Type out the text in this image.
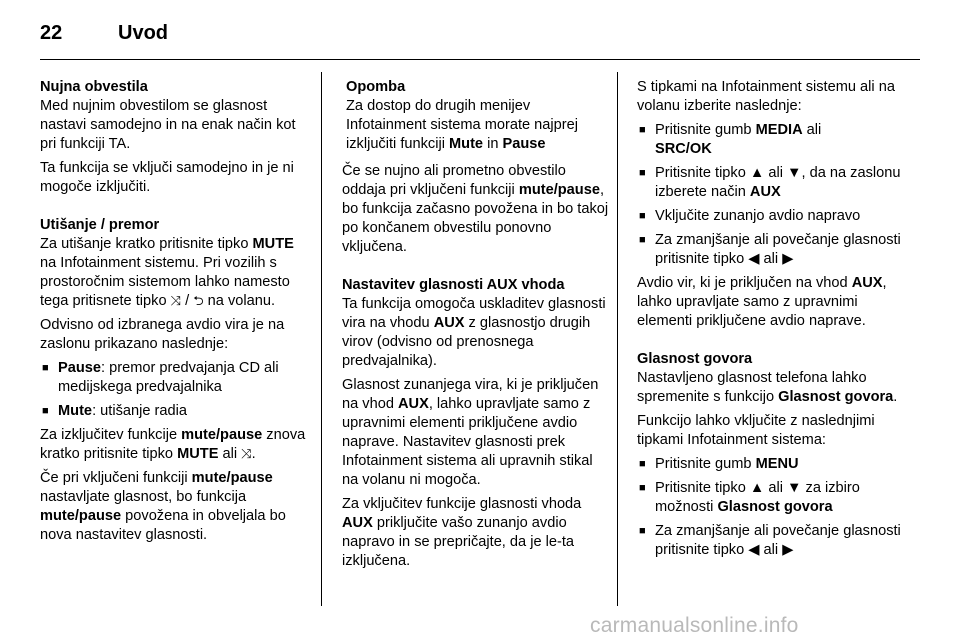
22	Uvod

Nujna obvestila

Med nujnim obvestilom se glasnost nastavi samodejno in na enak način kot pri funkciji TA.

Ta funkcija se vključi samodejno in je ni mogoče izključiti.

Utišanje / premor

Za utišanje kratko pritisnite tipko MUTE na Infotainment sistemu. Pri vozilih s prostoročnim sistemom lahko namesto tega pritisnete tipko ⤨ / ⮌ na volanu.

Odvisno od izbranega avdio vira je na zaslonu prikazano naslednje:

■ Pause: premor predvajanja CD ali medijskega predvajalnika
■ Mute: utišanje radia

Za izključitev funkcije mute/pause znova kratko pritisnite tipko MUTE ali ⤨.

Če pri vključeni funkciji mute/pause nastavljate glasnost, bo funkcija mute/pause povožena in obveljala bo nova nastavitev glasnosti.

Opomba

Za dostop do drugih menijev Infotainment sistema morate najprej izključiti funkciji Mute in Pause

Če se nujno ali prometno obvestilo oddaja pri vključeni funkciji mute/pause, bo funkcija začasno povožena in bo takoj po končanem obvestilu ponovno vključena.

Nastavitev glasnosti AUX vhoda

Ta funkcija omogoča uskladitev glasnosti vira na vhodu AUX z glasnostjo drugih virov (odvisno od prenosnega predvajalnika).

Glasnost zunanjega vira, ki je priključen na vhod AUX, lahko upravljate samo z upravnimi elementi priključene avdio naprave. Nastavitev glasnosti prek Infotainment sistema ali upravnih stikal na volanu ni mogoča.

Za vključitev funkcije glasnosti vhoda AUX priključite vašo zunanjo avdio napravo in se prepričajte, da je le-ta izključena.

S tipkami na Infotainment sistemu ali na volanu izberite naslednje:

■ Pritisnite gumb MEDIA ali
SRC/OK
■ Pritisnite tipko ▲ ali ▼, da na zaslonu izberete način AUX
■ Vključite zunanjo avdio napravo
■ Za zmanjšanje ali povečanje glasnosti pritisnite tipko ◀ ali ▶

Avdio vir, ki je priključen na vhod AUX, lahko upravljate samo z upravnimi elementi priključene avdio naprave.

Glasnost govora

Nastavljeno glasnost telefona lahko spremenite s funkcijo Glasnost govora.

Funkcijo lahko vključite z naslednjimi tipkami Infotainment sistema:

■ Pritisnite gumb MENU
■ Pritisnite tipko ▲ ali ▼ za izbiro možnosti Glasnost govora
■ Za zmanjšanje ali povečanje glasnosti pritisnite tipko ◀ ali ▶
carmanualsonline.info
